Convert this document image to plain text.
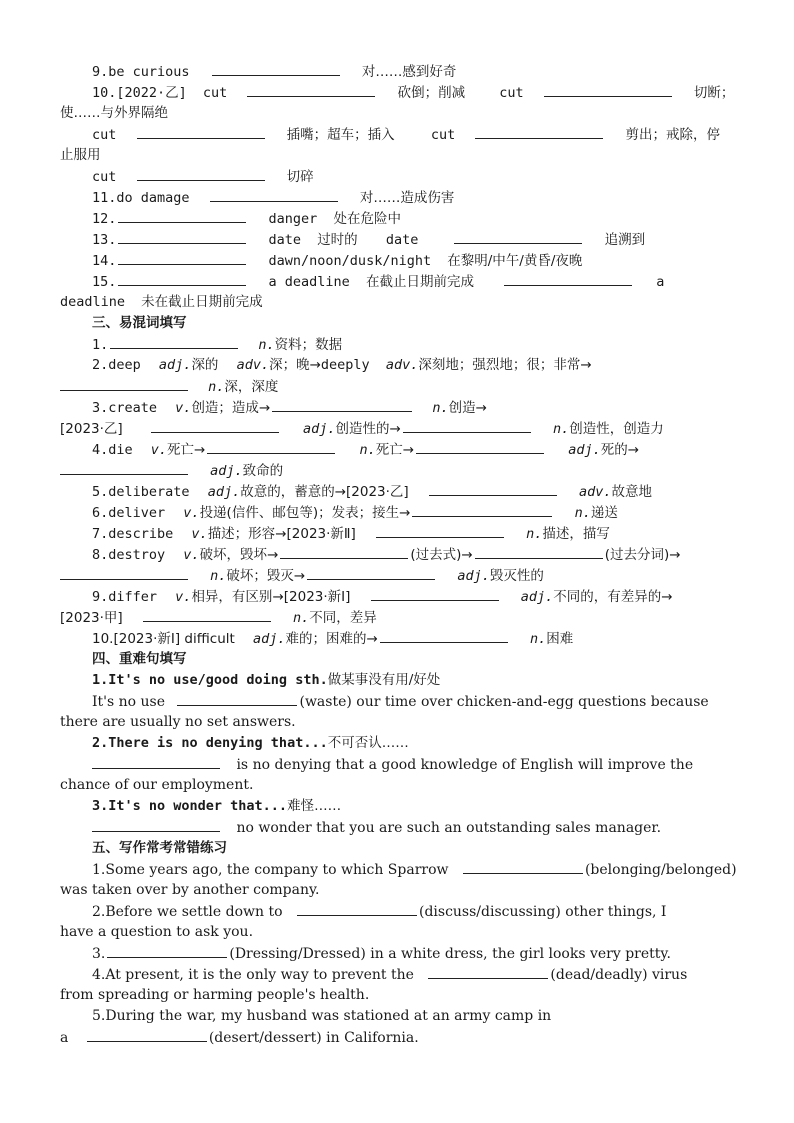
9.be curious	对……感到好奇
10.[2022·乙] cut	砍倒；削减	cut	切断；
使……与外界隔绝
cut	插嘴；超车；插入	cut	剪出；戒除，停
止服用
cut	切碎
11.do damage	对……造成伤害
12.	danger 处在危险中
13.	date 过时的 date	追溯到
14.	dawn/noon/dusk/night 在黎明/中午/黄昏/夜晚
15.	a deadline 在截止日期前完成	a
deadline 未在截止日期前完成
三、易混词填写
1.	n.资料；数据
2.deep adj.深的 adv.深；晚→deeply adv.深刻地；强烈地；很；非常→
n.深，深度
3.create v.创造；造成→	n.创造→
[2023·乙]	adj.创造性的→	n.创造性，创造力
4.die v.死亡→	n.死亡→	adj.死的→
adj.致命的
5.deliberate adj.故意的，蓄意的→[2023·乙]	adv.故意地
6.deliver v.投递(信件、邮包等)；发表；接生→	n.递送
7.describe v.描述；形容→[2023·新Ⅱ]	n.描述，描写
8.destroy v.破坏，毁坏→	(过去式)→	(过去分词)→
n.破坏；毁灭→	adj.毁灭性的
9.differ v.相异，有区别→[2023·新Ⅰ]	adj.不同的，有差异的→
[2023·甲]	n.不同，差异
10.[2023·新Ⅰ] difficult adj.难的；困难的→	n.困难
四、重难句填写
1.It's no use/good doing sth.做某事没有用/好处
It's no use	(waste) our time over chicken-and-egg questions because
there are usually no set answers.
2.There is no denying that...不可否认……
is no denying that a good knowledge of English will improve the
chance of our employment.
3.It's no wonder that...难怪……
no wonder that you are such an outstanding sales manager.
五、写作常考常错练习
1.Some years ago, the company to which Sparrow	(belonging/belonged)
was taken over by another company.
2.Before we settle down to	(discuss/discussing) other things, I
have a question to ask you.
3.	(Dressing/Dressed) in a white dress, the girl looks very pretty.
4.At present, it is the only way to prevent the	(dead/deadly) virus
from spreading or harming people's health.
5.During the war, my husband was stationed at an army camp in
a	(desert/dessert) in California.
